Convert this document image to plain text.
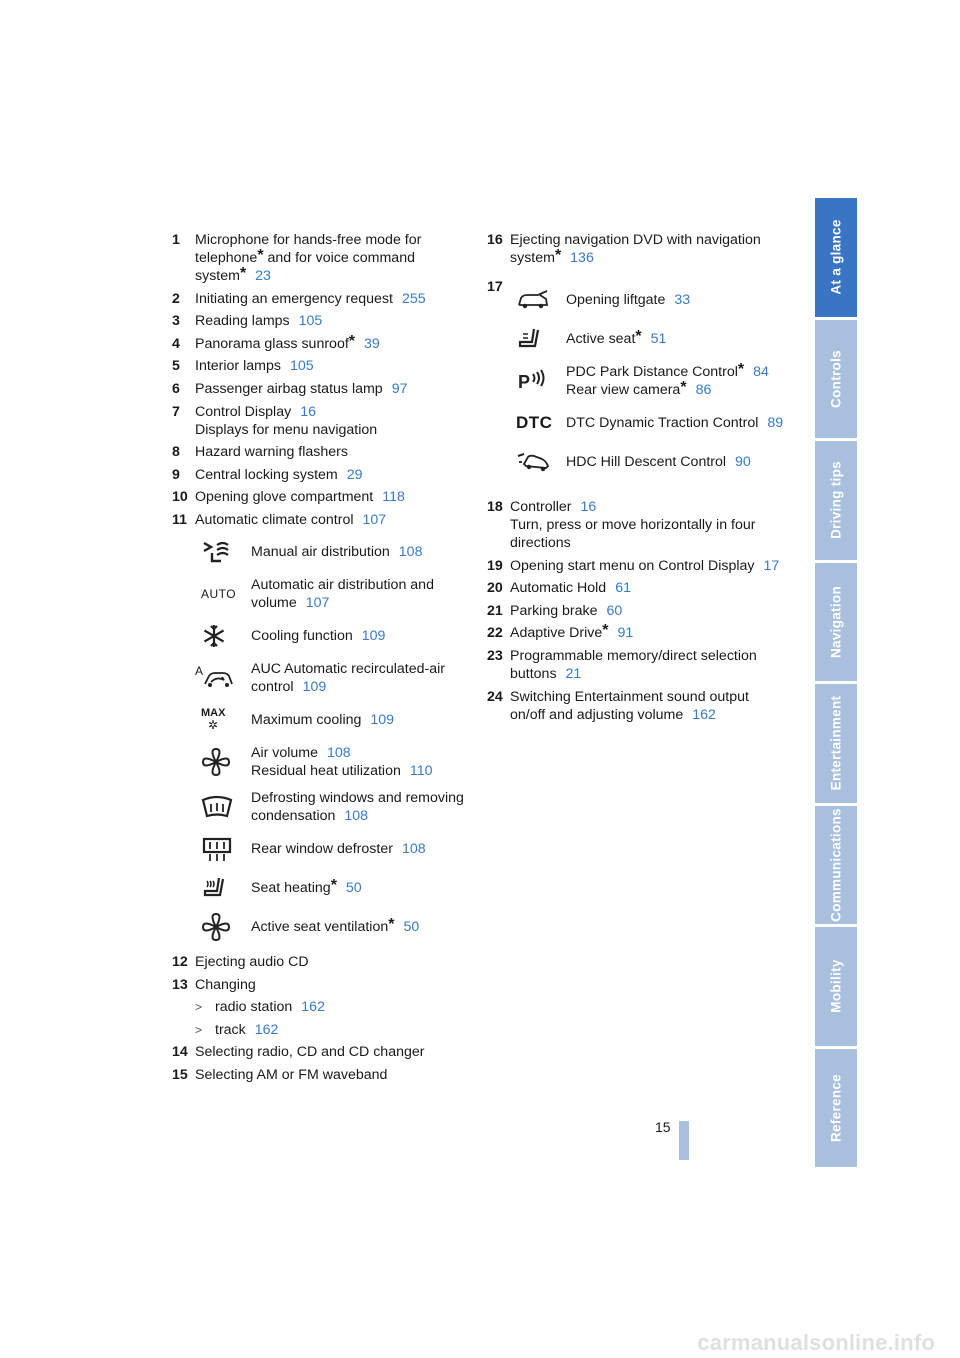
1	Microphone for hands-free mode for
telephone* and for voice command
system* 23
2	Initiating an emergency request 255
3	Reading lamps 105
4	Panorama glass sunroof* 39
5	Interior lamps 105
6	Passenger airbag status lamp 97
7	Control Display 16
Displays for menu navigation
8	Hazard warning flashers
9	Central locking system 29
10 Opening glove compartment 118
11 Automatic climate control 107
Manual air distribution 108
AUTO
Automatic air distribution and
volume 107
Cooling function 109
A	AUC Automatic recirculated-air
control 109
MAX
✲ Maximum cooling 109
Air volume 108
Residual heat utilization 110
Defrosting windows and removing
condensation 108
Rear window defroster 108
Seat heating* 50
Active seat ventilation* 50
12 Ejecting audio CD
13 Changing
> radio station 162
> track 162
14 Selecting radio, CD and CD changer
15 Selecting AM or FM waveband
16 Ejecting navigation DVD with navigation
system* 136
17
Opening liftgate 33
Active seat* 51
P	PDC Park Distance Control* 84
Rear view camera* 86
DTC DTC Dynamic Traction Control 89
HDC Hill Descent Control 90
18 Controller 16
Turn, press or move horizontally in four
directions
19 Opening start menu on Control Display 17
20 Automatic Hold 61
21 Parking brake 60
22 Adaptive Drive* 91
23 Programmable memory/direct selection
buttons 21
24 Switching Entertainment sound output
on/off and adjusting volume 162
At a glance
Controls
Driving tips
Navigation
Entertainment
Communications
Mobility
Reference
15
carmanualsonline.info
